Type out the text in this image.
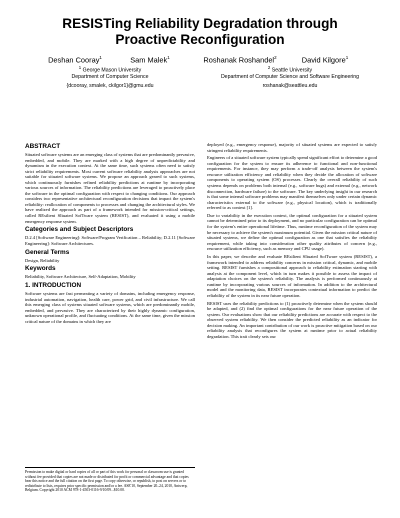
RESISTing Reliability Degradation through Proactive Reconfiguration
Deshan Cooray$^1$	Sam Malek$^1$	Roshanak Roshandel$^2$	David Kilgore$^1$
$^1$ George Mason University
Department of Computer Science
{dcooray, smalek, ckilgor1}@gmu.edu
$^2$ Seattle University
Department of Computer Science and Software Engineering
roshanak@seattleu.edu
ABSTRACT

Situated software systems are an emerging class of systems that are predominantly pervasive, embedded, and mobile. They are marked with a high degree of unpredictability and dynamism in the execution context. At the same time, such systems often need to satisfy strict reliability requirements. Most current software reliability analysis approaches are not suitable for situated software systems. We propose an approach geared to such systems, which continuously furnishes refined reliability predictions at runtime by incorporating various sources of information. The reliability predictions are leveraged to proactively place the software in the optimal configuration with respect to changing conditions. Our approach considers two representative architectural reconfiguration decisions that impact the system's reliability: reallocation of components to processes and changing the architectural styles. We have realized the approach as part of a framework intended for mission-critical settings, called REsilient SItuated SofTware system (RESIST), and evaluated it using a mobile emergency response system.

Categories and Subject Descriptors

D.2.4 [Software Engineering]: Software/Program Verification – Reliability; D.2.11 [Software Engineering]: Software Architectures.

General Terms

Design, Reliability

Keywords

Reliability, Software Architecture, Self-Adaptation, Mobility

1. INTRODUCTION

Software systems are fast permeating a variety of domains, including emergency response, industrial automation, navigation, health care, power grid, and civil infrastructure. We call this emerging class of systems situated software systems, which are predominantly mobile, embedded, and pervasive. They are characterized by their highly dynamic configuration, unknown operational profile, and fluctuating conditions. At the same time, given the mission critical nature of the domains in which they are

Permission to make digital or hard copies of all or part of this work for personal or classroom use is granted without fee provided that copies are not made or distributed for profit or commercial advantage and that copies bear this notice and the full citation on the first page. To copy otherwise, or republish, to post on servers or to redistribute to lists, requires prior specific permission and/or a fee. ASE'10, September 20–24, 2010, Antwerp, Belgium. Copyright 2010 ACM 978-1-4503-0116-9/10/09...$10.00.

deployed (e.g., emergency response), majority of situated systems are expected to satisfy stringent reliability requirements.

Engineers of a situated software system typically spend significant effort to determine a good configuration for the system to ensure its adherence to functional and non-functional requirements. For instance, they may perform a trade-off analysis between the system's resource utilization efficiency and reliability when they decide the allocation of software components to operating system (OS) processes. Clearly the overall reliability of such systems depends on problems both internal (e.g., software bugs) and external (e.g., network disconnection, hardware failure) to the software. The key underlying insight in our research is that some internal software problems may manifest themselves only under certain dynamic characteristics external to the software (e.g., physical location), which is traditionally referred to as context [1].

Due to variability in the execution context, the optimal configuration for a situated system cannot be determined prior to its deployment, and no particular configuration can be optimal for the system's entire operational lifetime. Thus, runtime reconfiguration of the system may be necessary to achieve the system's maximum potential. Given the mission critical nature of situated systems, we define the optimal configuration as one that satisfies the reliability requirement, while taking into consideration other quality attributes of concern (e.g., resource utilization efficiency, such as memory and CPU usage).

In this paper, we describe and evaluate REsilient SItuated SofTware system (RESIST), a framework intended to address reliability concerns in mission critical, dynamic, and mobile setting. RESIST furnishes a compositional approach to reliability estimation starting with analysis at the component level, which in turn makes it possible to assess the impact of adaptation choices on the system's reliability. The analysis is performed continuously at runtime by incorporating various sources of information. In addition to the architectural model and the monitoring data, RESIST incorporates contextual information to predict the reliability of the system in its near future operation.

RESIST uses the reliability predictions to (1) proactively determine when the system should be adapted, and (2) find the optimal configurations for the near future operation of the system. Our evaluations show that our reliability predictions are accurate with respect to the observed system reliability. We then consider the predicted reliability as an indicator for decision making. An important contribution of our work is proactive mitigation based on our reliability analysis that reconfigures the system at runtime prior to actual reliability degradation. This trait clearly sets our
